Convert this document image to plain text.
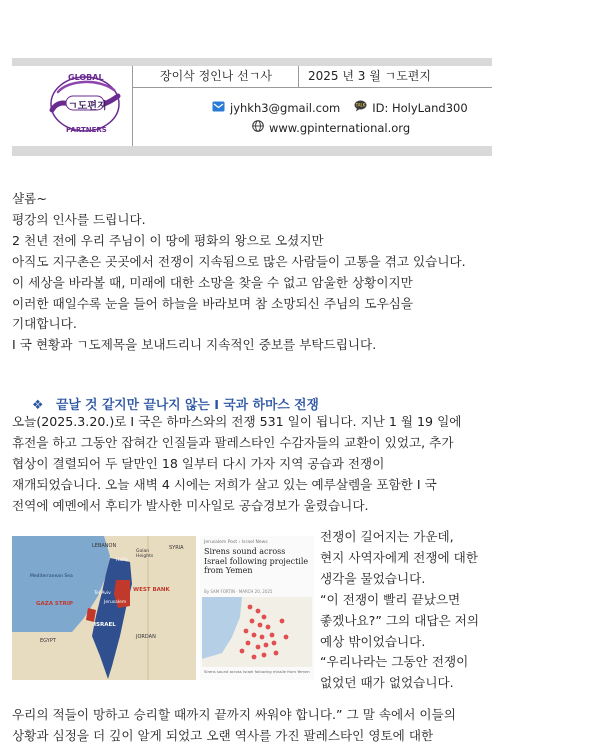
장이삭 정인나 선ㄱ사	2025 년 3 월 ㄱ도편지
jyhkh3@gmail.com	TALK ID: HolyLand300
www.gpinternational.org
GLOBAL
ㄱ도편지
PARTNERS
샬롬~
평강의 인사를 드립니다.
2 천년 전에 우리 주님이 이 땅에 평화의 왕으로 오셨지만
아직도 지구촌은 곳곳에서 전쟁이 지속됨으로 많은 사람들이 고통을 겪고 있습니다.
이 세상을 바라볼 때, 미래에 대한 소망을 찾을 수 없고 암울한 상황이지만
이러한 때일수록 눈을 들어 하늘을 바라보며 참 소망되신 주님의 도우심을
기대합니다.
I 국 현황과 ㄱ도제목을 보내드리니 지속적인 중보를 부탁드립니다.
❖ 끝날 것 같지만 끝나지 않는 I 국과 하마스 전쟁
오늘(2025.3.20.)로 I 국은 하마스와의 전쟁 531 일이 됩니다. 지난 1 월 19 일에
휴전을 하고 그동안 잡혀간 인질들과 팔레스타인 수감자들의 교환이 있었고, 추가
협상이 결렬되어 두 달만인 18 일부터 다시 가자 지역 공습과 전쟁이
재개되었습니다. 오늘 새벽 4 시에는 저희가 살고 있는 예루살렘을 포함한 I 국
전역에 예멘에서 후티가 발사한 미사일로 공습경보가 울렸습니다.
LEBANON
Golan Heights
SYRIA
Mediterranean Sea
Haifa
WEST BANK
Tel Aviv
Jerusalem
GAZA STRIP
ISRAEL
JORDAN
EGYPT
Jerusalem Post › Israel News
Sirens sound across Israel following projectile from Yemen
By SAM FORTIN · MARCH 20, 2025
Sirens sound across Israel following missile from Yemen
전쟁이 길어지는 가운데,
현지 사역자에게 전쟁에 대한
생각을 물었습니다.
“이 전쟁이 빨리 끝났으면
좋겠나요?” 그의 대답은 저의
예상 밖이었습니다.
“우리나라는 그동안 전쟁이
없었던 때가 없었습니다.
우리의 적들이 망하고 승리할 때까지 끝까지 싸워야 합니다.” 그 말 속에서 이들의
상황과 심정을 더 깊이 알게 되었고 오랜 역사를 가진 팔레스타인 영토에 대한
